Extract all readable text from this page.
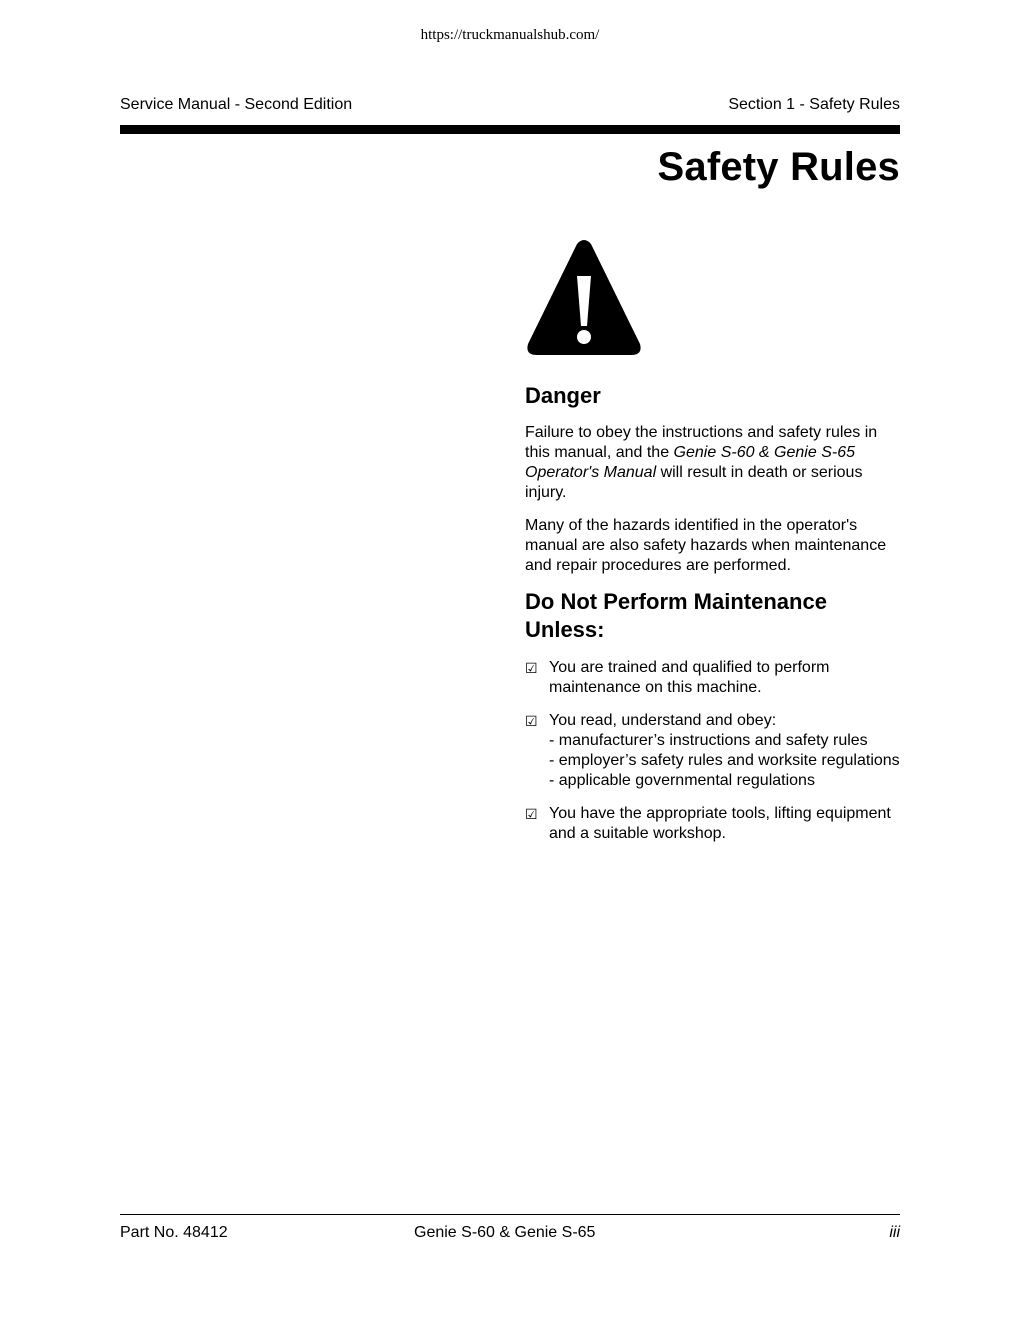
https://truckmanualshub.com/
Service Manual - Second Edition	Section 1 - Safety Rules
Safety Rules
Danger

Failure to obey the instructions and safety rules in this manual, and the Genie S-60 & Genie S-65 Operator's Manual will result in death or serious injury.

Many of the hazards identified in the operator's manual are also safety hazards when maintenance and repair procedures are performed.

Do Not Perform Maintenance Unless:
☑ You are trained and qualified to perform maintenance on this machine.
☑ You read, understand and obey:
- manufacturer’s instructions and safety rules
- employer’s safety rules and worksite regulations
- applicable governmental regulations
☑ You have the appropriate tools, lifting equipment and a suitable workshop.
Part No. 48412	Genie S-60 & Genie S-65	iii
